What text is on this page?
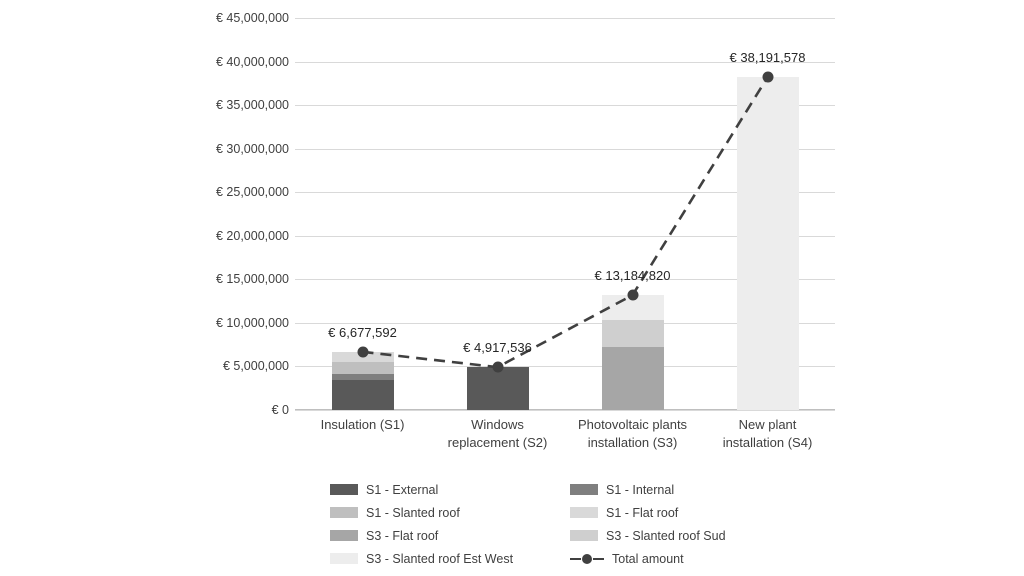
€ 0
€ 5,000,000
€ 10,000,000
€ 15,000,000
€ 20,000,000
€ 25,000,000
€ 30,000,000
€ 35,000,000
€ 40,000,000
€ 45,000,000
€ 6,677,592
€ 4,917,536
€ 13,184,820
€ 38,191,578
Insulation (S1)	Windows
replacement (S2)
Photovoltaic plants
installation (S3)
New plant
installation (S4)
S1 - External	S1 - Internal
S1 - Slanted roof	S1 - Flat roof
S3 - Flat roof	S3 - Slanted roof Sud
S3 - Slanted roof Est West	Total amount
